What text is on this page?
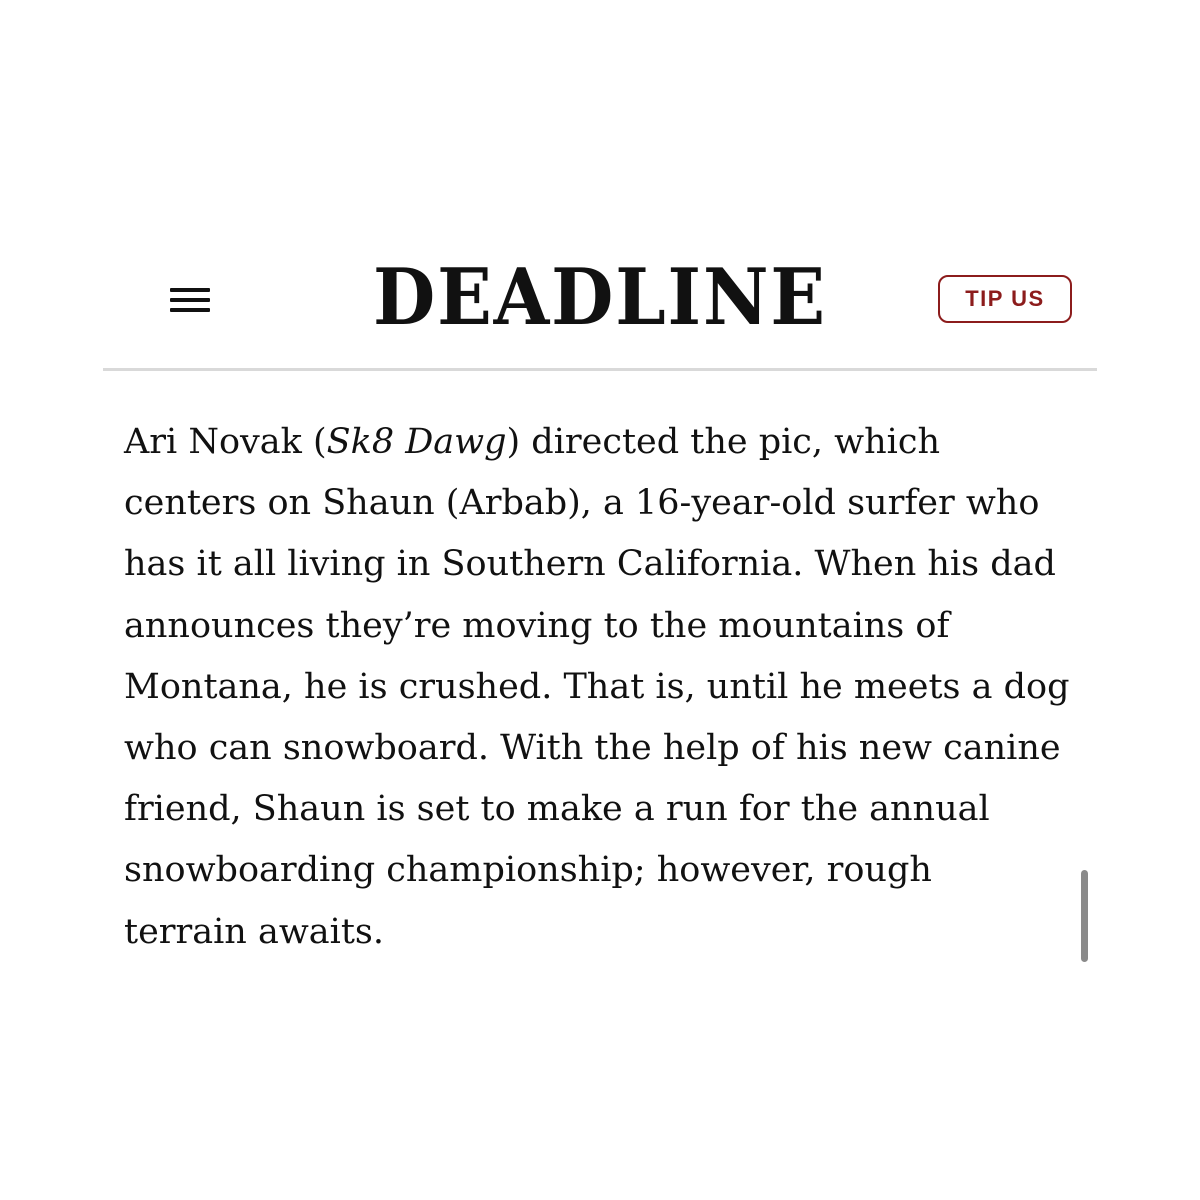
DEADLINE	TIP US

Ari Novak (Sk8 Dawg) directed the pic, which
centers on Shaun (Arbab), a 16-year-old surfer who
has it all living in Southern California. When his dad
announces they’re moving to the mountains of
Montana, he is crushed. That is, until he meets a dog
who can snowboard. With the help of his new canine
friend, Shaun is set to make a run for the annual
snowboarding championship; however, rough
terrain awaits.
